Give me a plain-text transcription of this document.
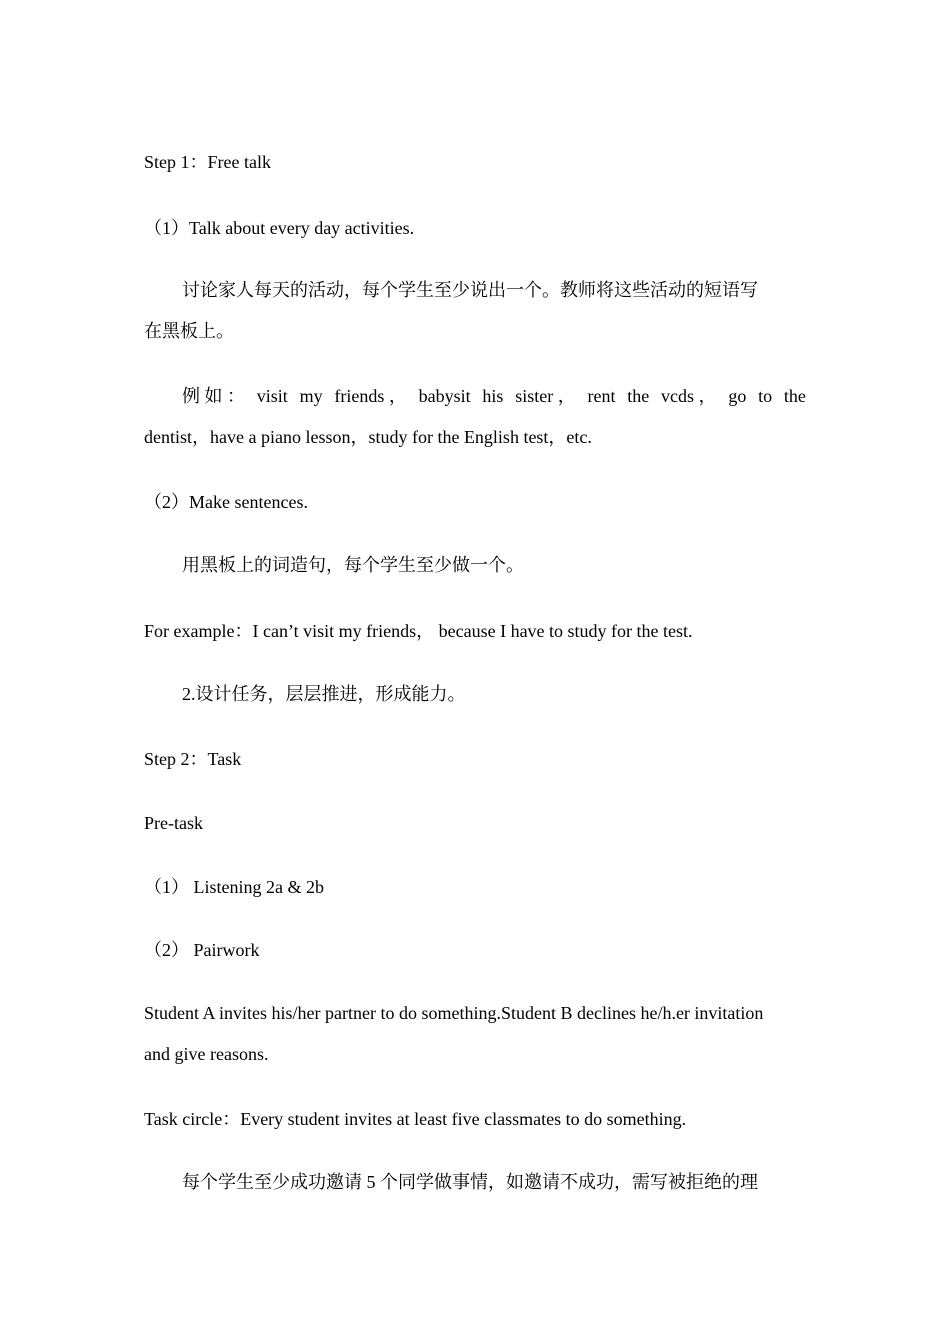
Step 1：Free talk
（1）Talk about every day activities.
讨论家人每天的活动，每个学生至少说出一个。教师将这些活动的短语写
在黑板上。
例 如 ： visit my friends ， babysit his sister ， rent the vcds ， go to the
dentist，have a piano lesson，study for the English test，etc.
（2）Make sentences.
用黑板上的词造句，每个学生至少做一个。
For example：I can’t visit my friends， because I have to study for the test.
2.设计任务，层层推进，形成能力。
Step 2：Task
Pre-task
（1） Listening 2a & 2b
（2） Pairwork
Student A invites his/her partner to do something.Student B declines he/h.er invitation
and give reasons.
Task circle：Every student invites at least five classmates to do something.
每个学生至少成功邀请 5 个同学做事情，如邀请不成功，需写被拒绝的理
